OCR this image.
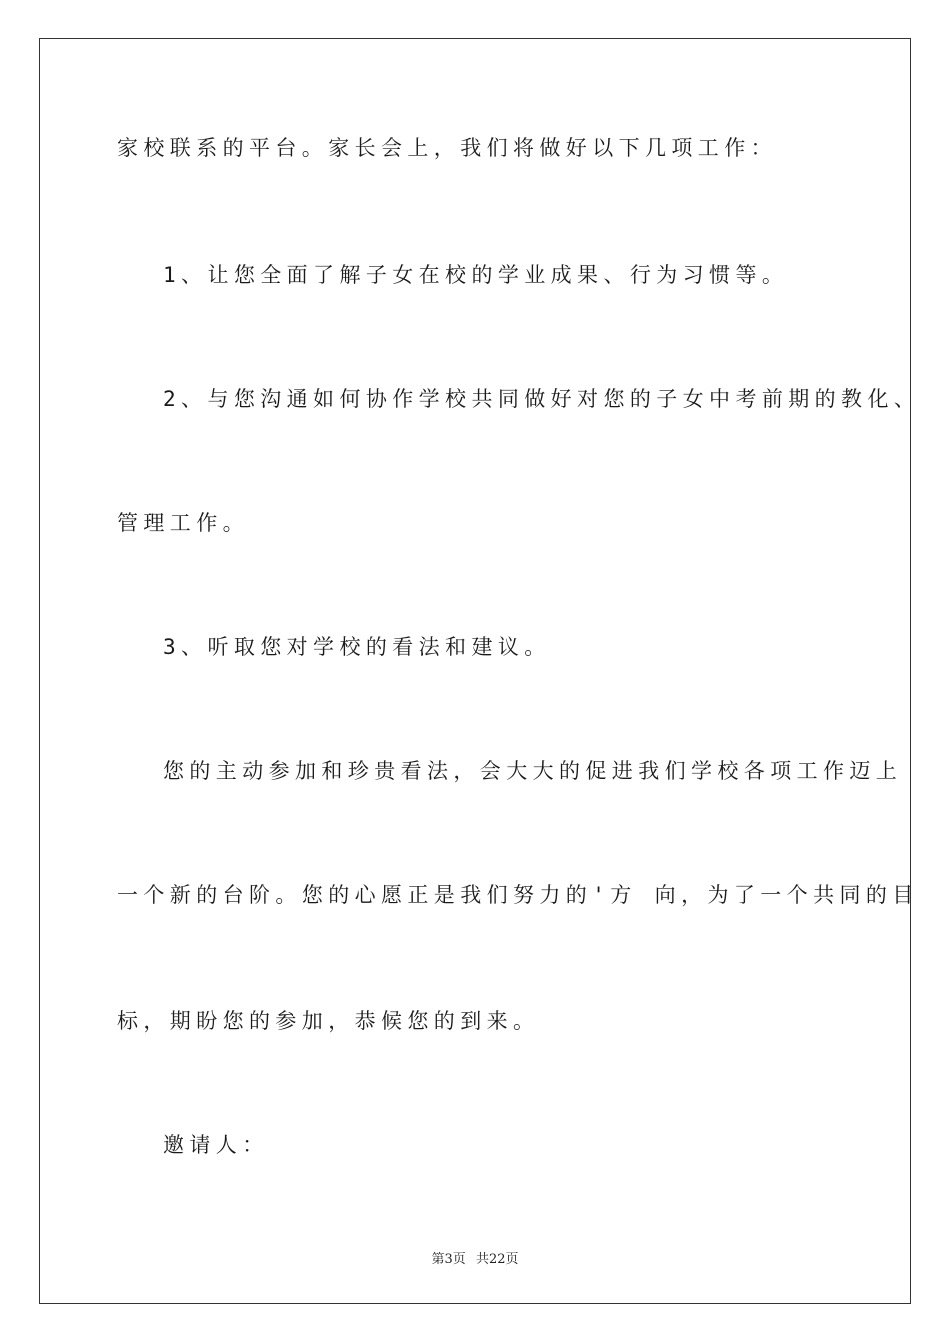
家校联系的平台。家长会上，我们将做好以下几项工作：
1、让您全面了解子女在校的学业成果、行为习惯等。
2、与您沟通如何协作学校共同做好对您的子女中考前期的教化、
管理工作。
3、听取您对学校的看法和建议。
您的主动参加和珍贵看法，会大大的促进我们学校各项工作迈上
一个新的台阶。您的心愿正是我们努力的'方 向，为了一个共同的目
标，期盼您的参加，恭候您的到来。
邀请人：
第3页 共22页
